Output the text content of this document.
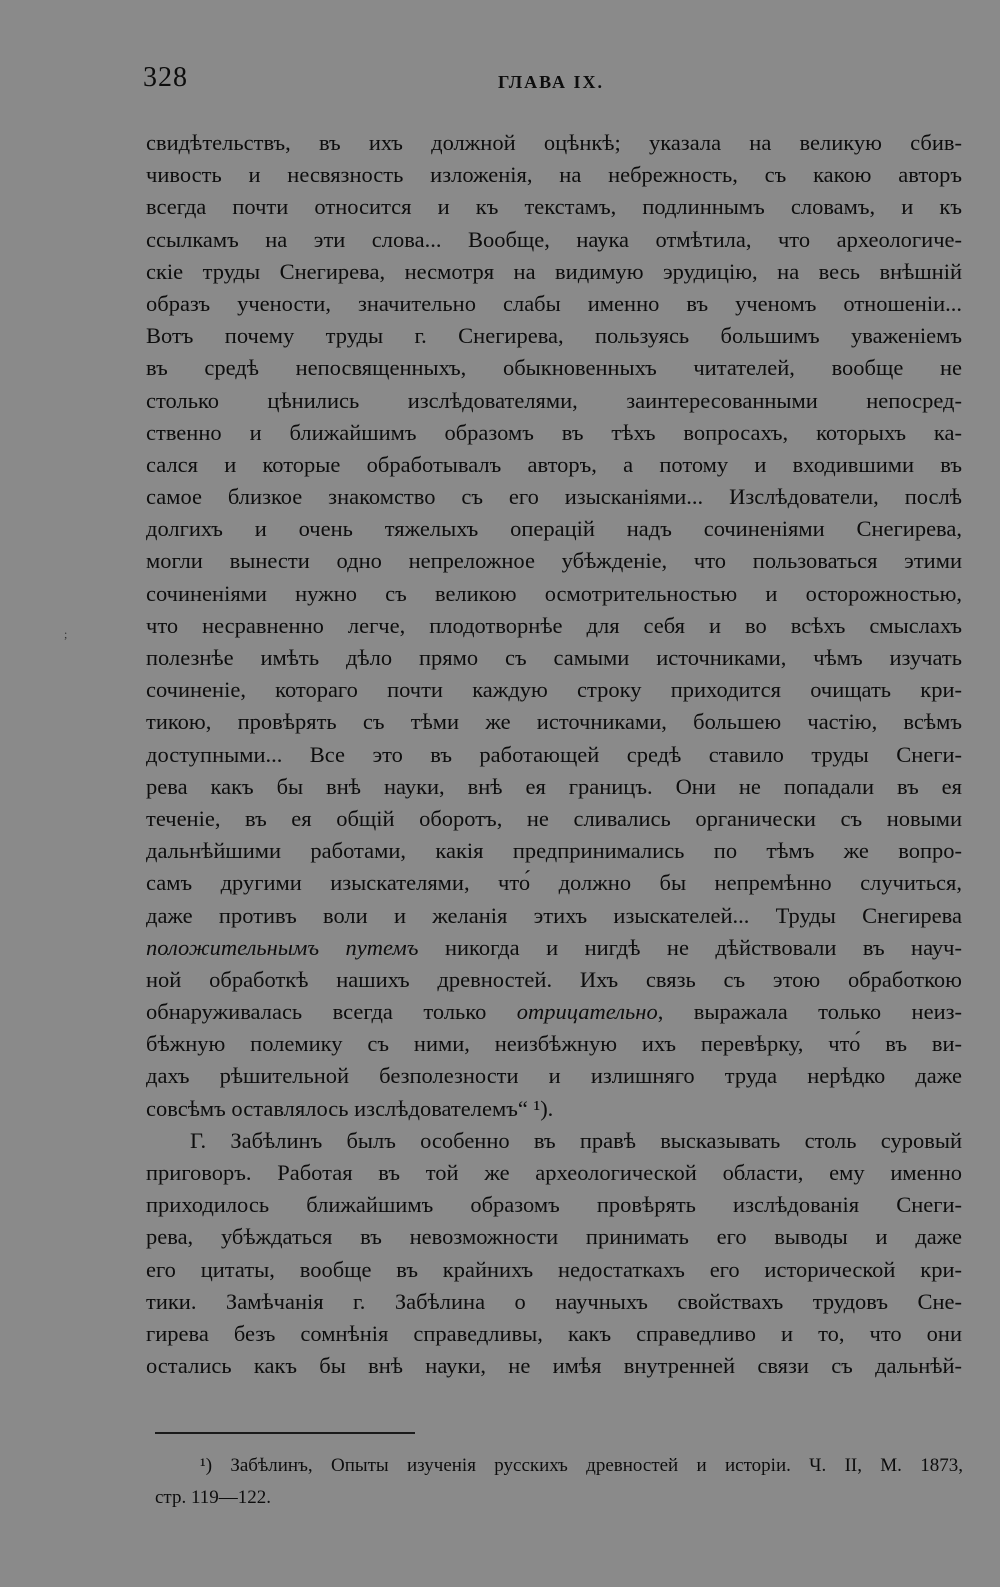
328	ГЛАВА IX.
;
свидѣтельствъ, въ ихъ должной оцѣнкѣ; указала на великую сбив-
чивость и несвязность изложенія, на небрежность, съ какою авторъ
всегда почти относится и къ текстамъ, подлиннымъ словамъ, и къ
ссылкамъ на эти слова... Вообще, наука отмѣтила, что археологиче-
скіе труды Снегирева, несмотря на видимую эрудицію, на весь внѣшній
образъ учености, значительно слабы именно въ ученомъ отношеніи...
Вотъ почему труды г. Снегирева, пользуясь большимъ уваженіемъ
въ средѣ непосвященныхъ, обыкновенныхъ читателей, вообще не
столько цѣнились изслѣдователями, заинтересованными непосред-
ственно и ближайшимъ образомъ въ тѣхъ вопросахъ, которыхъ ка-
сался и которые обработывалъ авторъ, а потому и входившими въ
самое близкое знакомство съ его изысканіями... Изслѣдователи, послѣ
долгихъ и очень тяжелыхъ операцій надъ сочиненіями Снегирева,
могли вынести одно непреложное убѣжденіе, что пользоваться этими
сочиненіями нужно съ великою осмотрительностью и осторожностью,
что несравненно легче, плодотворнѣе для себя и во всѣхъ смыслахъ
полезнѣе имѣть дѣло прямо съ самыми источниками, чѣмъ изучать
сочиненіе, котораго почти каждую строку приходится очищать кри-
тикою, провѣрять съ тѣми же источниками, большею частію, всѣмъ
доступными... Все это въ работающей средѣ ставило труды Снеги-
рева какъ бы внѣ науки, внѣ ея границъ. Они не попадали въ ея
теченіе, въ ея общій оборотъ, не сливались органически съ новыми
дальнѣйшими работами, какія предпринимались по тѣмъ же вопро-
самъ другими изыскателями, что́ должно бы непремѣнно случиться,
даже противъ воли и желанія этихъ изыскателей... Труды Снегирева
положительнымъ путемъ никогда и нигдѣ не дѣйствовали въ науч-
ной обработкѣ нашихъ древностей. Ихъ связь съ этою обработкою
обнаруживалась всегда только отрицательно, выражала только неиз-
бѣжную полемику съ ними, неизбѣжную ихъ перевѣрку, что́ въ ви-
дахъ рѣшительной безполезности и излишняго труда нерѣдко даже
совсѣмъ оставлялось изслѣдователемъ“ ¹).
Г. Забѣлинъ былъ особенно въ правѣ высказывать столь суровый
приговоръ. Работая въ той же археологической области, ему именно
приходилось ближайшимъ образомъ провѣрять изслѣдованія Снеги-
рева, убѣждаться въ невозможности принимать его выводы и даже
его цитаты, вообще въ крайнихъ недостаткахъ его исторической кри-
тики. Замѣчанія г. Забѣлина о научныхъ свойствахъ трудовъ Сне-
гирева безъ сомнѣнія справедливы, какъ справедливо и то, что они
остались какъ бы внѣ науки, не имѣя внутренней связи съ дальнѣй-
¹) Забѣлинъ, Опыты изученія русскихъ древностей и исторіи. Ч. II, М. 1873,
стр. 119—122.
